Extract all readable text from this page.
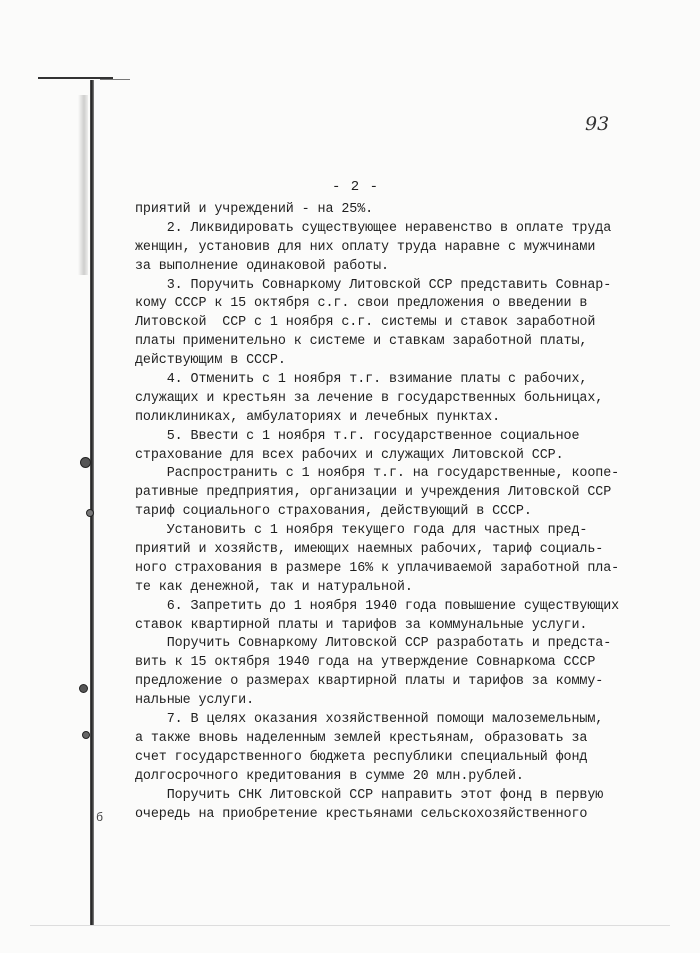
93
- 2 -
б
приятий и учреждений - на 25%.
2. Ликвидировать существующее неравенство в оплате труда
женщин, установив для них оплату труда наравне с мужчинами
за выполнение одинаковой работы.
3. Поручить Совнаркому Литовской ССР представить Совнар-
кому СССР к 15 октября с.г. свои предложения о введении в
Литовской  ССР с 1 ноября с.г. системы и ставок заработной
платы применительно к системе и ставкам заработной платы,
действующим в СССР.
4. Отменить с 1 ноября т.г. взимание платы с рабочих,
служащих и крестьян за лечение в государственных больницах,
поликлиниках, амбулаториях и лечебных пунктах.
5. Ввести с 1 ноября т.г. государственное социальное
страхование для всех рабочих и служащих Литовской ССР.
Распространить с 1 ноября т.г. на государственные, коопе-
ративные предприятия, организации и учреждения Литовской ССР
тариф социального страхования, действующий в СССР.
Установить с 1 ноября текущего года для частных пред-
приятий и хозяйств, имеющих наемных рабочих, тариф социаль-
ного страхования в размере 16% к уплачиваемой заработной пла-
те как денежной, так и натуральной.
6. Запретить до 1 ноября 1940 года повышение существующих
ставок квартирной платы и тарифов за коммунальные услуги.
Поручить Совнаркому Литовской ССР разработать и предста-
вить к 15 октября 1940 года на утверждение Совнаркома СССР
предложение о размерах квартирной платы и тарифов за комму-
нальные услуги.
7. В целях оказания хозяйственной помощи малоземельным,
а также вновь наделенным землей крестьянам, образовать за
счет государственного бюджета республики специальный фонд
долгосрочного кредитования в сумме 20 млн.рублей.
Поручить СНК Литовской ССР направить этот фонд в первую
очередь на приобретение крестьянами сельскохозяйственного
